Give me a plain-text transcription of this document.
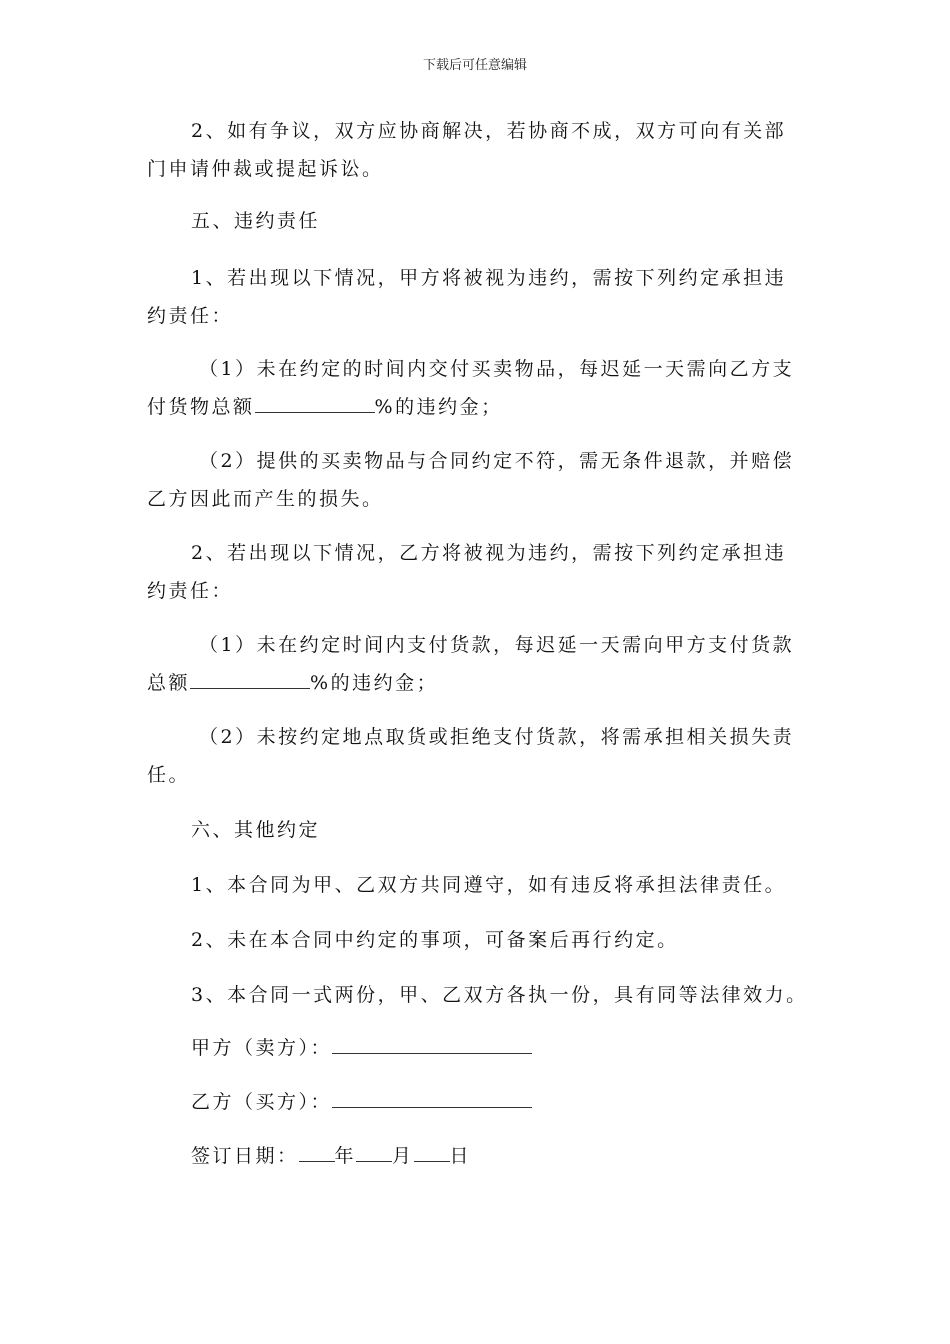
下载后可任意编辑
2、如有争议，双方应协商解决，若协商不成，双方可向有关部
门申请仲裁或提起诉讼。
五、违约责任
1、若出现以下情况，甲方将被视为违约，需按下列约定承担违
约责任：
（1）未在约定的时间内交付买卖物品，每迟延一天需向乙方支
付货物总额	%的违约金；
（2）提供的买卖物品与合同约定不符，需无条件退款，并赔偿
乙方因此而产生的损失。
2、若出现以下情况，乙方将被视为违约，需按下列约定承担违
约责任：
（1）未在约定时间内支付货款，每迟延一天需向甲方支付货款
总额	%的违约金；
（2）未按约定地点取货或拒绝支付货款，将需承担相关损失责
任。
六、其他约定
1、本合同为甲、乙双方共同遵守，如有违反将承担法律责任。
2、未在本合同中约定的事项，可备案后再行约定。
3、本合同一式两份，甲、乙双方各执一份，具有同等法律效力。
甲方（卖方）：
乙方（买方）：
签订日期： 年 月 日
